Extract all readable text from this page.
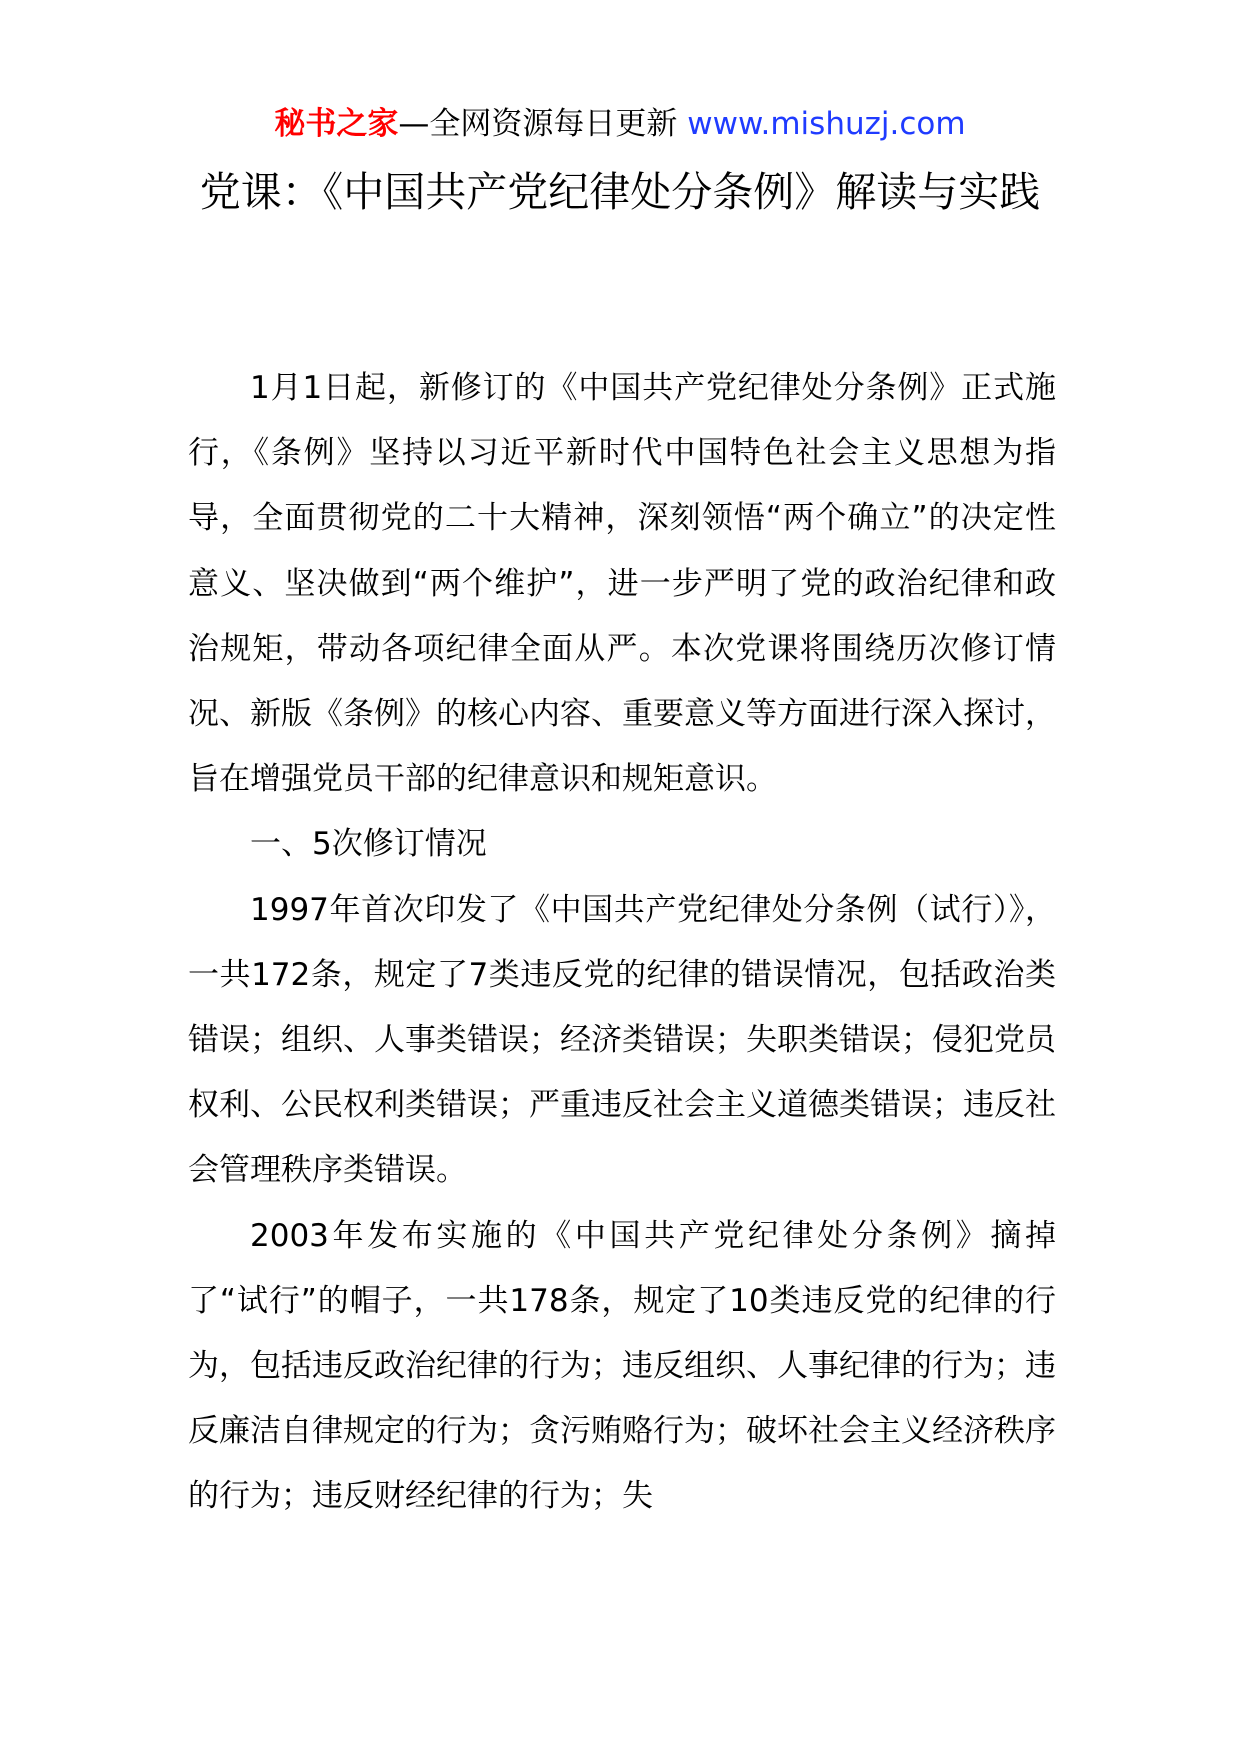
秘书之家—全网资源每日更新 www.mishuzj.com
党课：《中国共产党纪律处分条例》解读与实践

1月1日起，新修订的《中国共产党纪律处分条例》正式施行，《条例》坚持以习近平新时代中国特色社会主义思想为指导，全面贯彻党的二十大精神，深刻领悟“两个确立”的决定性意义、坚决做到“两个维护”，进一步严明了党的政治纪律和政治规矩，带动各项纪律全面从严。本次党课将围绕历次修订情况、新版《条例》的核心内容、重要意义等方面进行深入探讨，旨在增强党员干部的纪律意识和规矩意识。

一、5次修订情况

1997年首次印发了《中国共产党纪律处分条例（试行）》，一共172条，规定了7类违反党的纪律的错误情况，包括政治类错误；组织、人事类错误；经济类错误；失职类错误；侵犯党员权利、公民权利类错误；严重违反社会主义道德类错误；违反社会管理秩序类错误。

2003年发布实施的《中国共产党纪律处分条例》摘掉了“试行”的帽子，一共178条，规定了10类违反党的纪律的行为，包括违反政治纪律的行为；违反组织、人事纪律的行为；违反廉洁自律规定的行为；贪污贿赂行为；破坏社会主义经济秩序的行为；违反财经纪律的行为；失
